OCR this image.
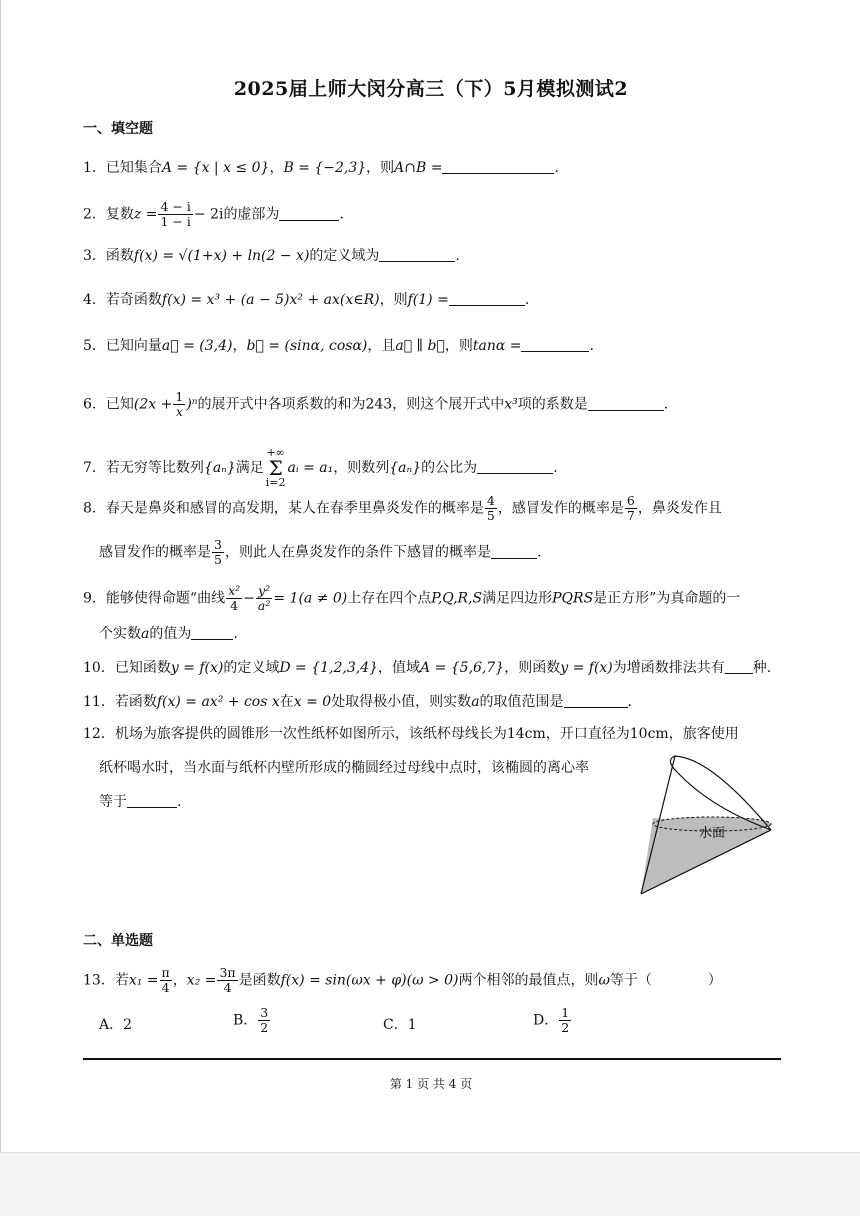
2025届上师大闵分高三（下）5月模拟测试2
一、填空题
1．已知集合A = {x | x ≤ 0}，B = {−2,3}，则A∩B =	.
2．复数$z = \frac{4 - i}{1 - i} - 2i$的虚部为	.
3．函数f(x) = √(1+x) + ln(2 − x)的定义域为	.
4．若奇函数f(x) = x³ + (a − 5)x² + ax(x∈R)，则f(1) =	.
5．已知向量a⃗ = (3,4)，b⃗ = (sinα, cosα)，且a⃗ ∥ b⃗，则tanα =	.
6．已知$(2x + \frac{1}{x} )^n$的展开式中各项系数的和为243，则这个展开式中x³项的系数是	.
7．若无穷等比数列{aₙ}满足+∞
Σ
i=2aᵢ = a₁，则数列{aₙ}的公比为	.
8．春天是鼻炎和感冒的高发期，某人在春季里鼻炎发作的概率是 $\frac{4}{5}$ ，感冒发作的概率是 $\frac{6}{7}$ ，鼻炎发作且
感冒发作的概率是 $\frac{3}{5}$ ，则此人在鼻炎发作的条件下感冒的概率是	.
9．能够使得命题“曲线 $\frac{\text{x²}}{4} - \frac{\text{y²}}{\text{a²}} = 1(a \ne 0)$上存在四个点P,Q,R,S满足四边形PQRS是正方形”为真命题的一
个实数a的值为	.
10．已知函数y = f(x)的定义域D = {1,2,3,4}，值域A = {5,6,7}，则函数y = f(x)为增函数排法共有 种.
11．若函数f(x) = ax² + cos x在x = 0处取得极小值，则实数a的取值范围是	.
12．机场为旅客提供的圆锥形一次性纸杯如图所示，该纸杯母线长为14cm，开口直径为10cm，旅客使用
纸杯喝水时，当水面与纸杯内壁所形成的椭圆经过母线中点时，该椭圆的离心率
等于	.
水面
二、单选题
13．若$x_1 = \frac{\pi}{4}$ ，$x_2 = \frac{3\pi}{4}$ 是函数f(x) = sin(ωx + φ)(ω > 0)两个相邻的最值点，则ω等于（	）
A．2	B． $\frac{3}{2}$	C．1	D． $\frac{1}{2}$
第 1 页 共 4 页
